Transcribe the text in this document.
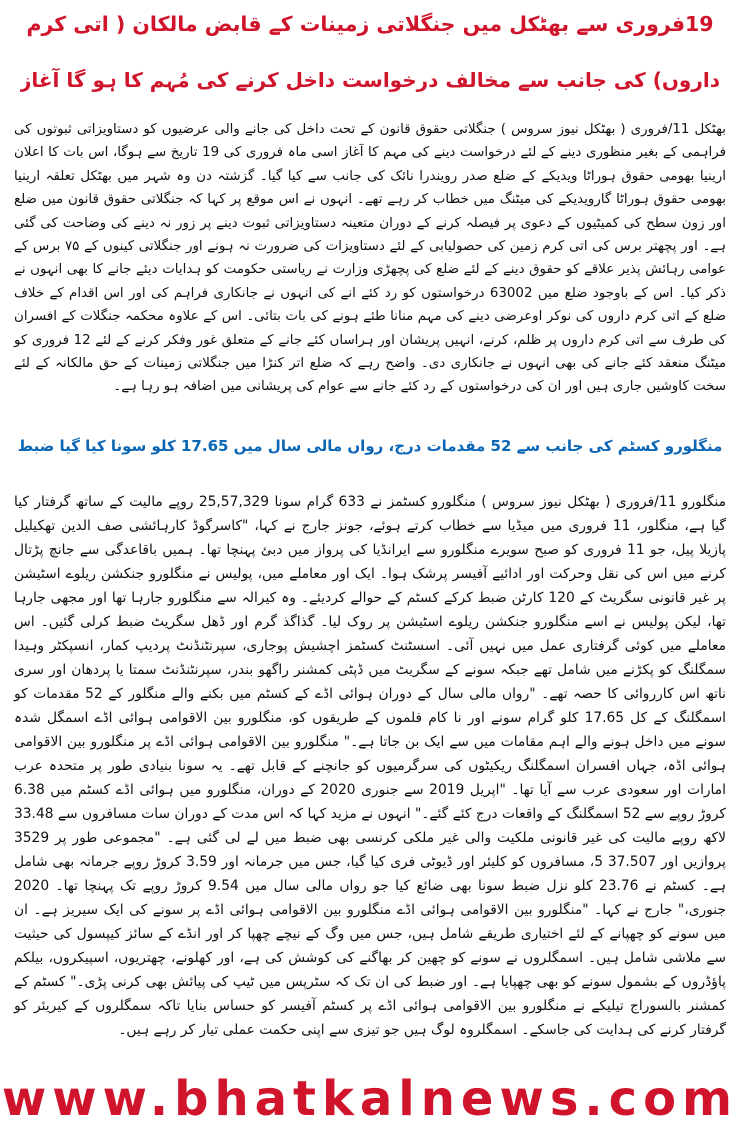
19فروری سے بھٹکل میں جنگلاتی زمینات کے قابض مالکان ( اتی کرم
داروں) کی جانب سے مخالف درخواست داخل کرنے کی مُہم کا ہو گا آغاز

بھٹکل 11/فروری ( بھٹکل نیوز سروس ) جنگلاتی حقوق قانون کے تحت داخل کی جانے والی عرضیوں کو دستاویزاتی ثبوتوں کی فراہمی کے بغیر منظوری دینے کے لئے درخواست دینے کی مہم کا آغاز اسی ماہ فروری کی 19 تاریخ سے ہوگا، اس بات کا اعلان ارینیا بھومی حقوق ہوراٹا ویدیکے کے ضلع صدر رویندرا نائک کی جانب سے کیا گیا۔ گزشتہ دن وہ شہر میں بھٹکل تعلقہ ارینیا بھومی حقوق ہوراٹا گارویدیکے کی میٹنگ میں خطاب کر رہے تھے۔ انہوں نے اس موقع پر کہا کہ جنگلاتی حقوق قانون میں ضلع اور زون سطح کی کمیٹیوں کے دعوی پر فیصلہ کرنے کے دوران متعینہ دستاویزاتی ثبوت دینے پر زور نہ دینے کی وضاحت کی گئی ہے۔ اور پچھتر برس کی اتی کرم زمین کی حصولیابی کے لئے دستاویزات کی ضرورت نہ ہونے اور جنگلاتی کینوں کے ۷۵ برس کے عوامی رہائش پذیر علاقے کو حقوق دینے کے لئے ضلع کی پچھڑی وزارت نے ریاستی حکومت کو ہدایات دیئے جانے کا بھی انہوں نے ذکر کیا۔ اس کے باوجود ضلع میں 63002 درخواستوں کو رد کئے انے کی انہوں نے جانکاری فراہم کی اور اس اقدام کے خلاف ضلع کے اتی کرم داروں کی نوکر اوعرضی دینے کی مہم منانا طئے ہونے کی بات بتائی۔ اس کے علاوہ محکمہ جنگلات کے افسران کی طرف سے اتی کرم داروں پر ظلم، کرنے، انہیں پریشان اور ہراساں کئے جانے کے متعلق غور وفکر کرنے کے لئے 12 فروری کو میٹنگ منعقد کئے جانے کی بھی انہوں نے جانکاری دی۔ واضح رہے کہ ضلع اتر کنڑا میں جنگلاتی زمینات کے حق مالکانہ کے لئے سخت کاوشیں جاری ہیں اور ان کی درخواستوں کے رد کئے جانے سے عوام کی پریشانی میں اضافہ ہو رہا ہے۔

منگلورو کسٹم کی جانب سے 52 مقدمات درج، رواں مالی سال میں 17.65 کلو سونا کیا گیا ضبط

منگلورو 11/فروری ( بھٹکل نیوز سروس ) منگلورو کسٹمز نے 633 گرام سونا 25,57,329 روپے مالیت کے ساتھ گرفتار کیا گیا ہے، منگلور، 11 فروری میں میڈیا سے خطاب کرتے ہوئے، جونز جارج نے کہا، "کاسرگوڈ کارہائشی صف الدین تھکیلیل پازیلا پیل، جو 11 فروری کو صبح سویرے منگلورو سے ایرانڈیا کی پرواز میں دبئ پہنچا تھا۔ ہمیں باقاعدگی سے جانچ پڑتال کرنے میں اس کی نقل وحرکت اور ادائیے آفیسر پرشک ہوا۔ ایک اور معاملے میں، پولیس نے منگلورو جنکشن ریلوے اسٹیشن پر غیر قانونی سگریٹ کے 120 کارٹن ضبط کرکے کسٹم کے حوالے کردیئے۔ وہ کیرالہ سے منگلورو جارہا تھا اور مجھی جارہا تھا، لیکن پولیس نے اسے منگلورو جنکشن ریلوے اسٹیشن پر روک لیا۔ گذاگذ گرم اور ڈھل سگریٹ ضبط کرلی گئیں۔ اس معاملے میں کوئی گرفتاری عمل میں نہیں آئی۔ اسسٹنٹ کسٹمز اچشیش پوجاری، سپرنٹنڈنٹ پردیپ کمار، انسپکٹر وہیدا سمگلنگ کو پکڑنے میں شامل تھے جبکہ سونے کے سگریٹ میں ڈپٹی کمشنر راگھو بندر، سپرنٹنڈنٹ سمتا یا پردھان اور سری ناتھ اس کارروائی کا حصہ تھے۔ "رواں مالی سال کے دوران ہوائی اڈے کے کسٹم میں بکنے والے منگلور کے 52 مقدمات کو اسمگلنگ کے کل 17.65 کلو گرام سونے اور نا کام فلموں کے طریقوں کو، منگلورو بین الاقوامی ہوائی اڈے اسمگل شدہ سونے میں داخل ہونے والے اہم مقامات میں سے ایک بن جاتا ہے۔" منگلورو بین الاقوامی ہوائی اڈے پر منگلورو بین الاقوامی ہوائی اڈہ، جہاں افسران اسمگلنگ ریکیٹوں کی سرگرمیوں کو جانچنے کے قابل تھے۔ یہ سونا بنیادی طور پر متحدہ عرب امارات اور سعودی عرب سے آیا تھا۔ "اپریل 2019 سے جنوری 2020 کے دوران، منگلورو میں ہوائی اڈے کسٹم میں 6.38 کروڑ روپے سے 52 اسمگلنگ کے واقعات درج کئے گئے۔" انہوں نے مزید کہا کہ اس مدت کے دوران سات مسافروں سے 33.48 لاکھ روپے مالیت کی غیر قانونی ملکیت والی غیر ملکی کرنسی بھی ضبط میں لے لی گئی ہے۔ "مجموعی طور پر 3529 پروازیں اور 37.507 5، مسافروں کو کلیئر اور ڈیوٹی فری کیا گیا، جس میں جرمانہ اور 3.59 کروڑ روپے جرمانہ بھی شامل ہے۔ کسٹم نے 23.76 کلو نزل ضبط سونا بھی ضائع کیا جو رواں مالی سال میں 9.54 کروڑ روپے تک پہنچا تھا۔ 2020 جنوری،" جارج نے کہا۔ "منگلورو بین الاقوامی ہوائی اڈے منگلورو بین الاقوامی ہوائی اڈے پر سونے کی ایک سیریز ہے۔ ان میں سونے کو چھپانے کے لئے اختیاری طریقے شامل ہیں، جس میں وگ کے نیچے چھپا کر اور انڈے کے سائز کیپسول کی حیثیت سے ملاشی شامل ہیں۔ اسمگلروں نے سونے کو چھین کر بھاگنے کی کوشش کی ہے، اور کھلونے، چھتریوں، اسپیکروں، بیلکم پاؤڈروں کے بشمول سونے کو بھی چھپایا ہے۔ اور ضبط کی ان تک کہ سٹرپس میں ٹیپ کی پیائش بھی کرنی پڑی۔" کسٹم کے کمشنر بالسوراج تیلیکے نے منگلورو بین الاقوامی ہوائی اڈے پر کسٹم آفیسر کو حساس بنایا تاکہ سمگلروں کے کیریئر کو گرفتار کرنے کی ہدایت کی جاسکے۔ اسمگلروہ لوگ ہیں جو تیزی سے اپنی حکمت عملی تیار کر رہے ہیں۔

www.bhatkalnews.com
